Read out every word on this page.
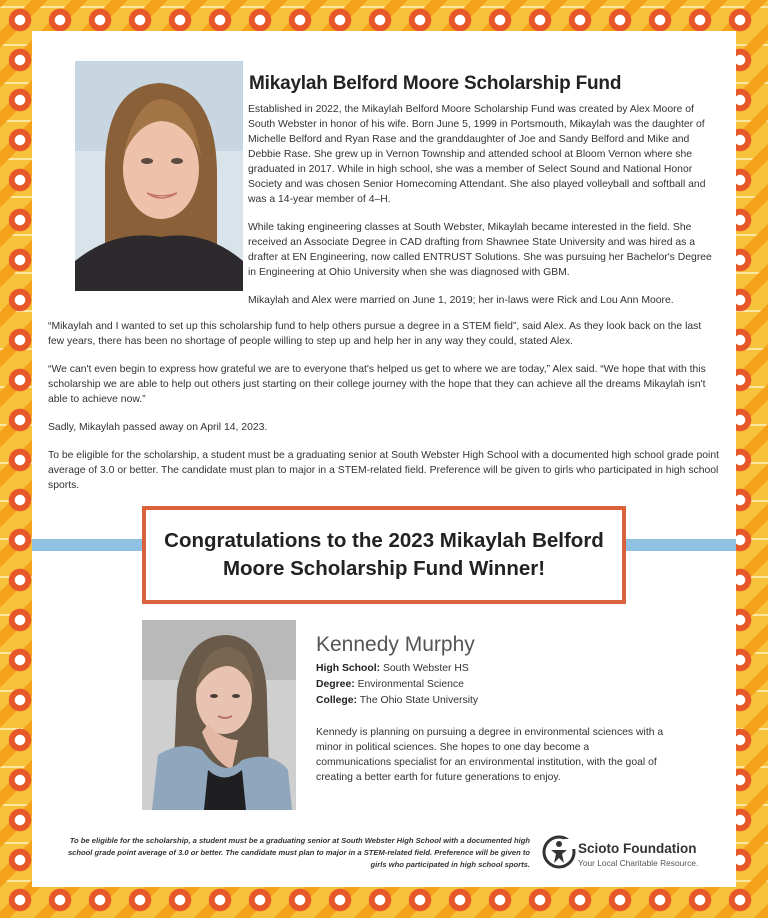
Mikaylah Belford Moore Scholarship Fund

Established in 2022, the Mikaylah Belford Moore Scholarship Fund was created by Alex Moore of South Webster in honor of his wife. Born June 5, 1999 in Portsmouth, Mikaylah was the daughter of Michelle Belford and Ryan Rase and the granddaughter of Joe and Sandy Belford and Mike and Debbie Rase. She grew up in Vernon Township and attended school at Bloom Vernon where she graduated in 2017. While in high school, she was a member of Select Sound and National Honor Society and was chosen Senior Homecoming Attendant. She also played volleyball and softball and was a 14-year member of 4–H.

While taking engineering classes at South Webster, Mikaylah became interested in the field. She received an Associate Degree in CAD drafting from Shawnee State University and was hired as a drafter at EN Engineering, now called ENTRUST Solutions. She was pursuing her Bachelor's Degree in Engineering at Ohio University when she was diagnosed with GBM.

Mikaylah and Alex were married on June 1, 2019; her in-laws were Rick and Lou Ann Moore.

“Mikaylah and I wanted to set up this scholarship fund to help others pursue a degree in a STEM field”, said Alex. As they look back on the last few years, there has been no shortage of people willing to step up and help her in any way they could, stated Alex.

“We can't even begin to express how grateful we are to everyone that's helped us get to where we are today,” Alex said. “We hope that with this scholarship we are able to help out others just starting on their college journey with the hope that they can achieve all the dreams Mikaylah isn't able to achieve now.”

Sadly, Mikaylah passed away on April 14, 2023.

To be eligible for the scholarship, a student must be a graduating senior at South Webster High School with a documented high school grade point average of 3.0 or better. The candidate must plan to major in a STEM-related field. Preference will be given to girls who participated in high school sports.

Congratulations to the 2023 Mikaylah Belford Moore Scholarship Fund Winner!
Kennedy Murphy
High School: South Webster HS
Degree: Environmental Science
College: The Ohio State University

Kennedy is planning on pursuing a degree in environmental sciences with a minor in political sciences. She hopes to one day become a communications specialist for an environmental institution, with the goal of creating a better earth for future generations to enjoy.

To be eligible for the scholarship, a student must be a graduating senior at South Webster High School with a documented high school grade point average of 3.0 or better. The candidate must plan to major in a STEM-related field. Preference will be given to girls who participated in high school sports.

Scioto Foundation
Your Local Charitable Resource.
